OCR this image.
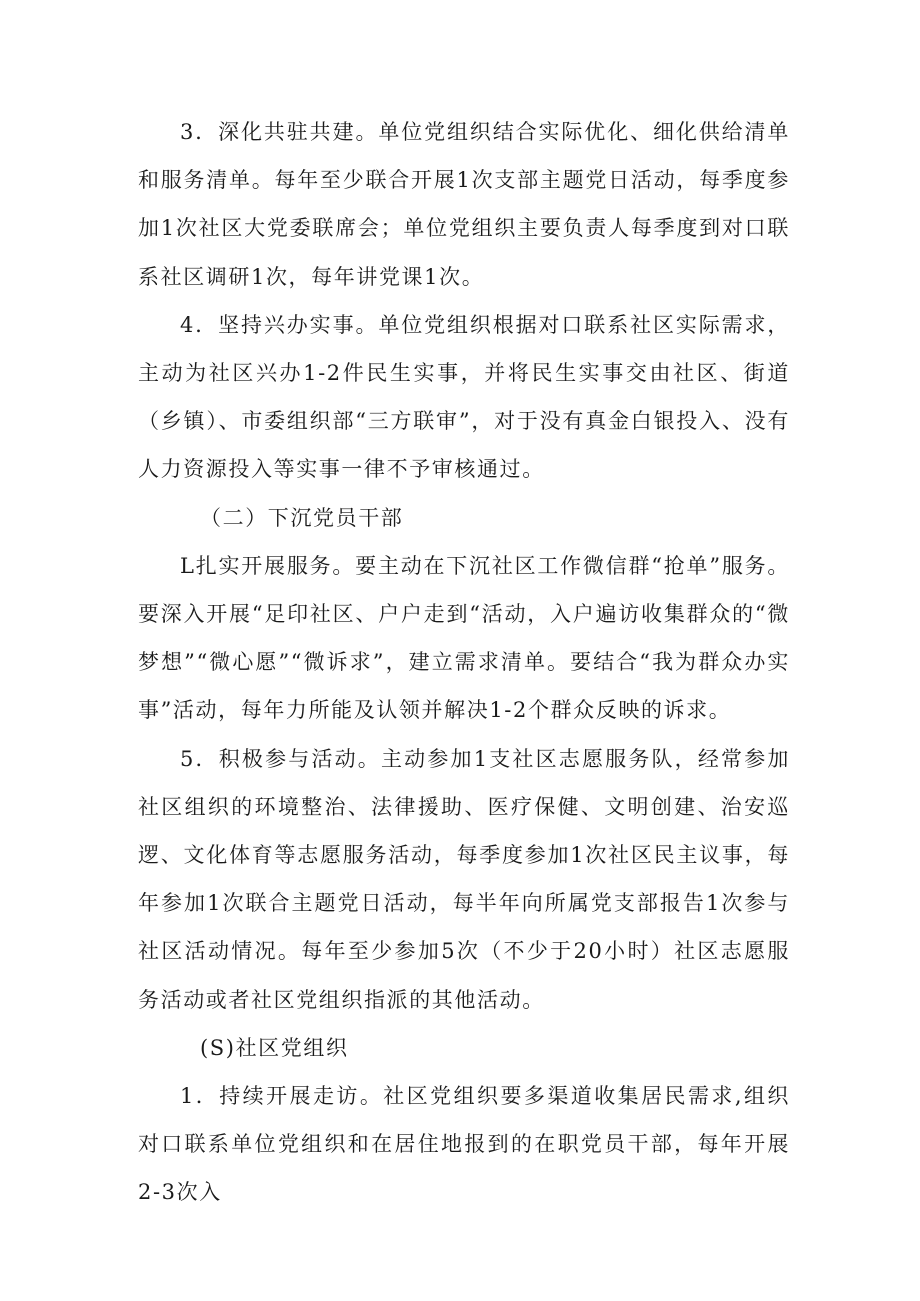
3．深化共驻共建。单位党组织结合实际优化、细化供给清单和服务清单。每年至少联合开展1次支部主题党日活动，每季度参加1次社区大党委联席会；单位党组织主要负责人每季度到对口联系社区调研1次，每年讲党课1次。

4．坚持兴办实事。单位党组织根据对口联系社区实际需求，主动为社区兴办1-2件民生实事，并将民生实事交由社区、街道（乡镇）、市委组织部“三方联审”，对于没有真金白银投入、没有人力资源投入等实事一律不予审核通过。

（二）下沉党员干部

L扎实开展服务。要主动在下沉社区工作微信群“抢单”服务。要深入开展“足印社区、户户走到“活动，入户遍访收集群众的“微梦想”“微心愿”“微诉求”，建立需求清单。要结合“我为群众办实事”活动，每年力所能及认领并解决1-2个群众反映的诉求。

5．积极参与活动。主动参加1支社区志愿服务队，经常参加社区组织的环境整治、法律援助、医疗保健、文明创建、治安巡逻、文化体育等志愿服务活动，每季度参加1次社区民主议事，每年参加1次联合主题党日活动，每半年向所属党支部报告1次参与社区活动情况。每年至少参加5次（不少于20小时）社区志愿服务活动或者社区党组织指派的其他活动。

(S)社区党组织

1．持续开展走访。社区党组织要多渠道收集居民需求,组织对口联系单位党组织和在居住地报到的在职党员干部，每年开展2-3次入
